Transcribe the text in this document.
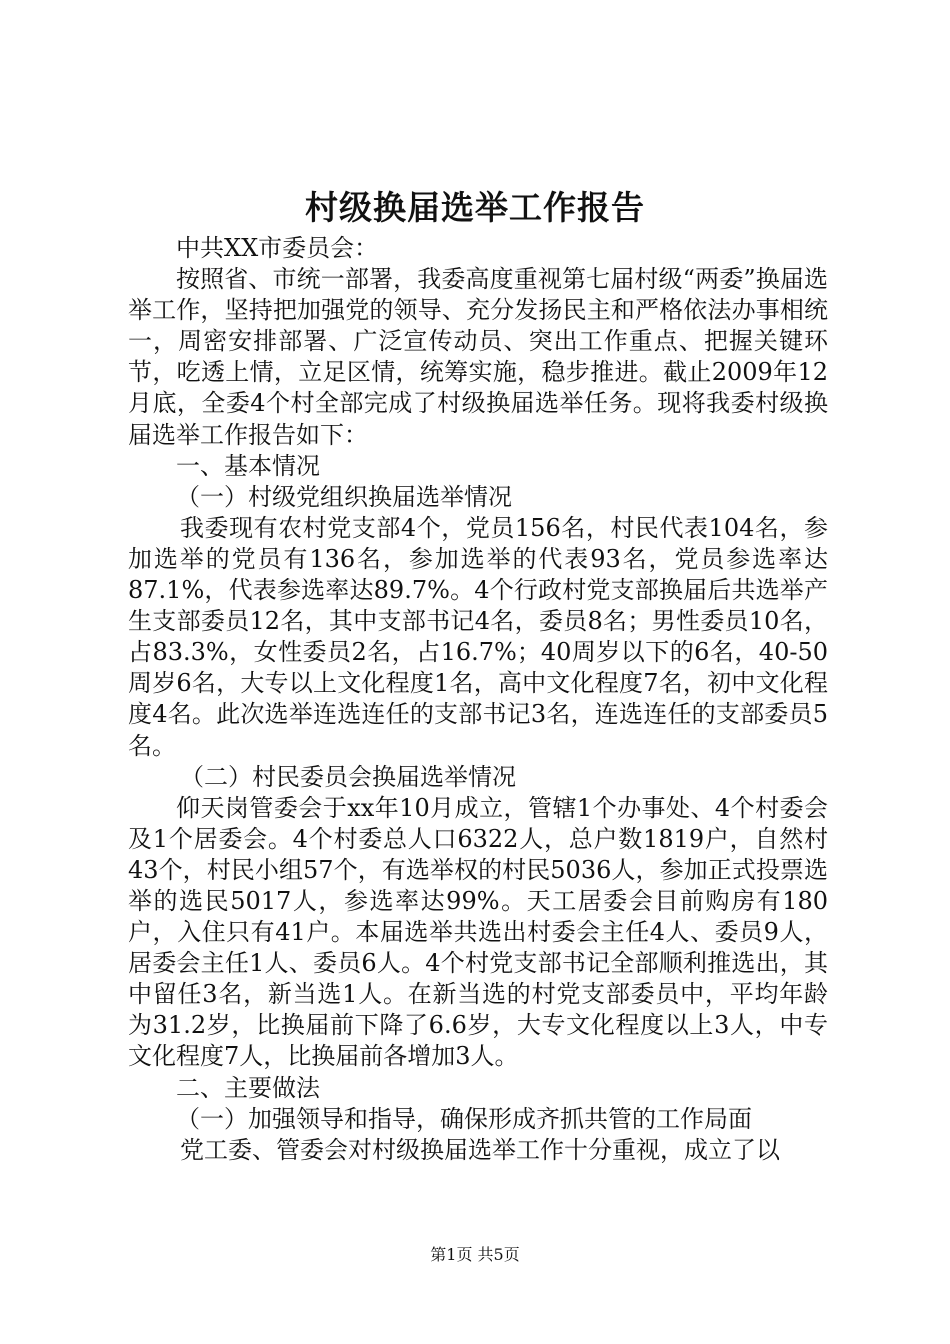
村级换届选举工作报告

中共XX市委员会：

按照省、市统一部署，我委高度重视第七届村级“两委”换届选举工作，坚持把加强党的领导、充分发扬民主和严格依法办事相统一，周密安排部署、广泛宣传动员、突出工作重点、把握关键环节，吃透上情，立足区情，统筹实施，稳步推进。截止2009年12月底，全委4个村全部完成了村级换届选举任务。现将我委村级换届选举工作报告如下：

一、基本情况

（一）村级党组织换届选举情况

我委现有农村党支部4个，党员156名，村民代表104名，参加选举的党员有136名，参加选举的代表93名，党员参选率达87.1%，代表参选率达89.7%。4个行政村党支部换届后共选举产生支部委员12名，其中支部书记4名，委员8名；男性委员10名，占83.3%，女性委员2名，占16.7%；40周岁以下的6名，40-50周岁6名，大专以上文化程度1名，高中文化程度7名，初中文化程度4名。此次选举连选连任的支部书记3名，连选连任的支部委员5名。

（二）村民委员会换届选举情况

仰天岗管委会于xx年10月成立，管辖1个办事处、4个村委会及1个居委会。4个村委总人口6322人，总户数1819户，自然村43个，村民小组57个，有选举权的村民5036人，参加正式投票选举的选民5017人，参选率达99%。天工居委会目前购房有180户，入住只有41户。本届选举共选出村委会主任4人、委员9人，居委会主任1人、委员6人。4个村党支部书记全部顺利推选出，其中留任3名，新当选1人。在新当选的村党支部委员中，平均年龄为31.2岁，比换届前下降了6.6岁，大专文化程度以上3人，中专文化程度7人，比换届前各增加3人。

二、主要做法

（一）加强领导和指导，确保形成齐抓共管的工作局面

党工委、管委会对村级换届选举工作十分重视，成立了以

第1页 共5页
